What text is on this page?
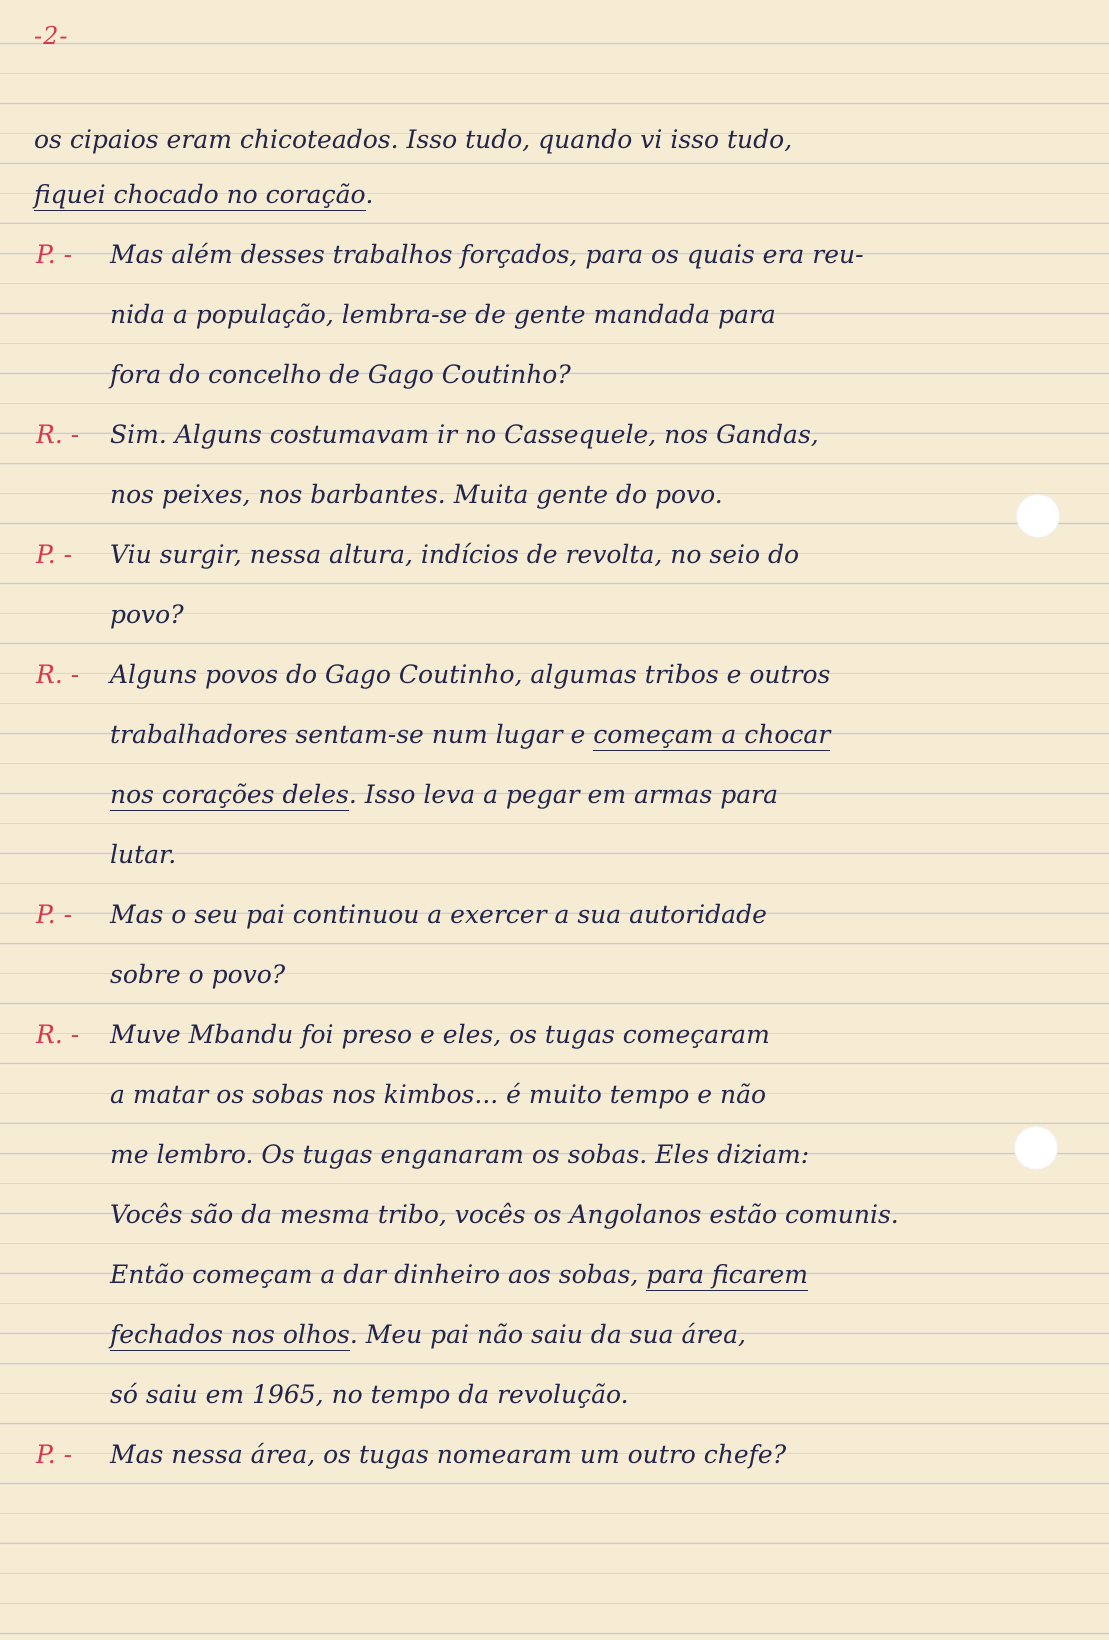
-2-
os cipaios eram chicoteados. Isso tudo, quando vi isso tudo,
fiquei chocado no coração.
P. -	Mas além desses trabalhos forçados, para os quais era reu-
nida a população, lembra-se de gente mandada para
fora do concelho de Gago Coutinho?
R. -	Sim. Alguns costumavam ir no Cassequele, nos Gandas,
nos peixes, nos barbantes. Muita gente do povo.
P. -	Viu surgir, nessa altura, indícios de revolta, no seio do
povo?
R. -	Alguns povos do Gago Coutinho, algumas tribos e outros
trabalhadores sentam-se num lugar e começam a chocar
nos corações deles. Isso leva a pegar em armas para
lutar.
P. -	Mas o seu pai continuou a exercer a sua autoridade
sobre o povo?
R. -	Muve Mbandu foi preso e eles, os tugas começaram
a matar os sobas nos kimbos... é muito tempo e não
me lembro. Os tugas enganaram os sobas. Eles diziam:
Vocês são da mesma tribo, vocês os Angolanos estão comunis.
Então começam a dar dinheiro aos sobas, para ficarem
fechados nos olhos. Meu pai não saiu da sua área,
só saiu em 1965, no tempo da revolução.
P. -	Mas nessa área, os tugas nomearam um outro chefe?
